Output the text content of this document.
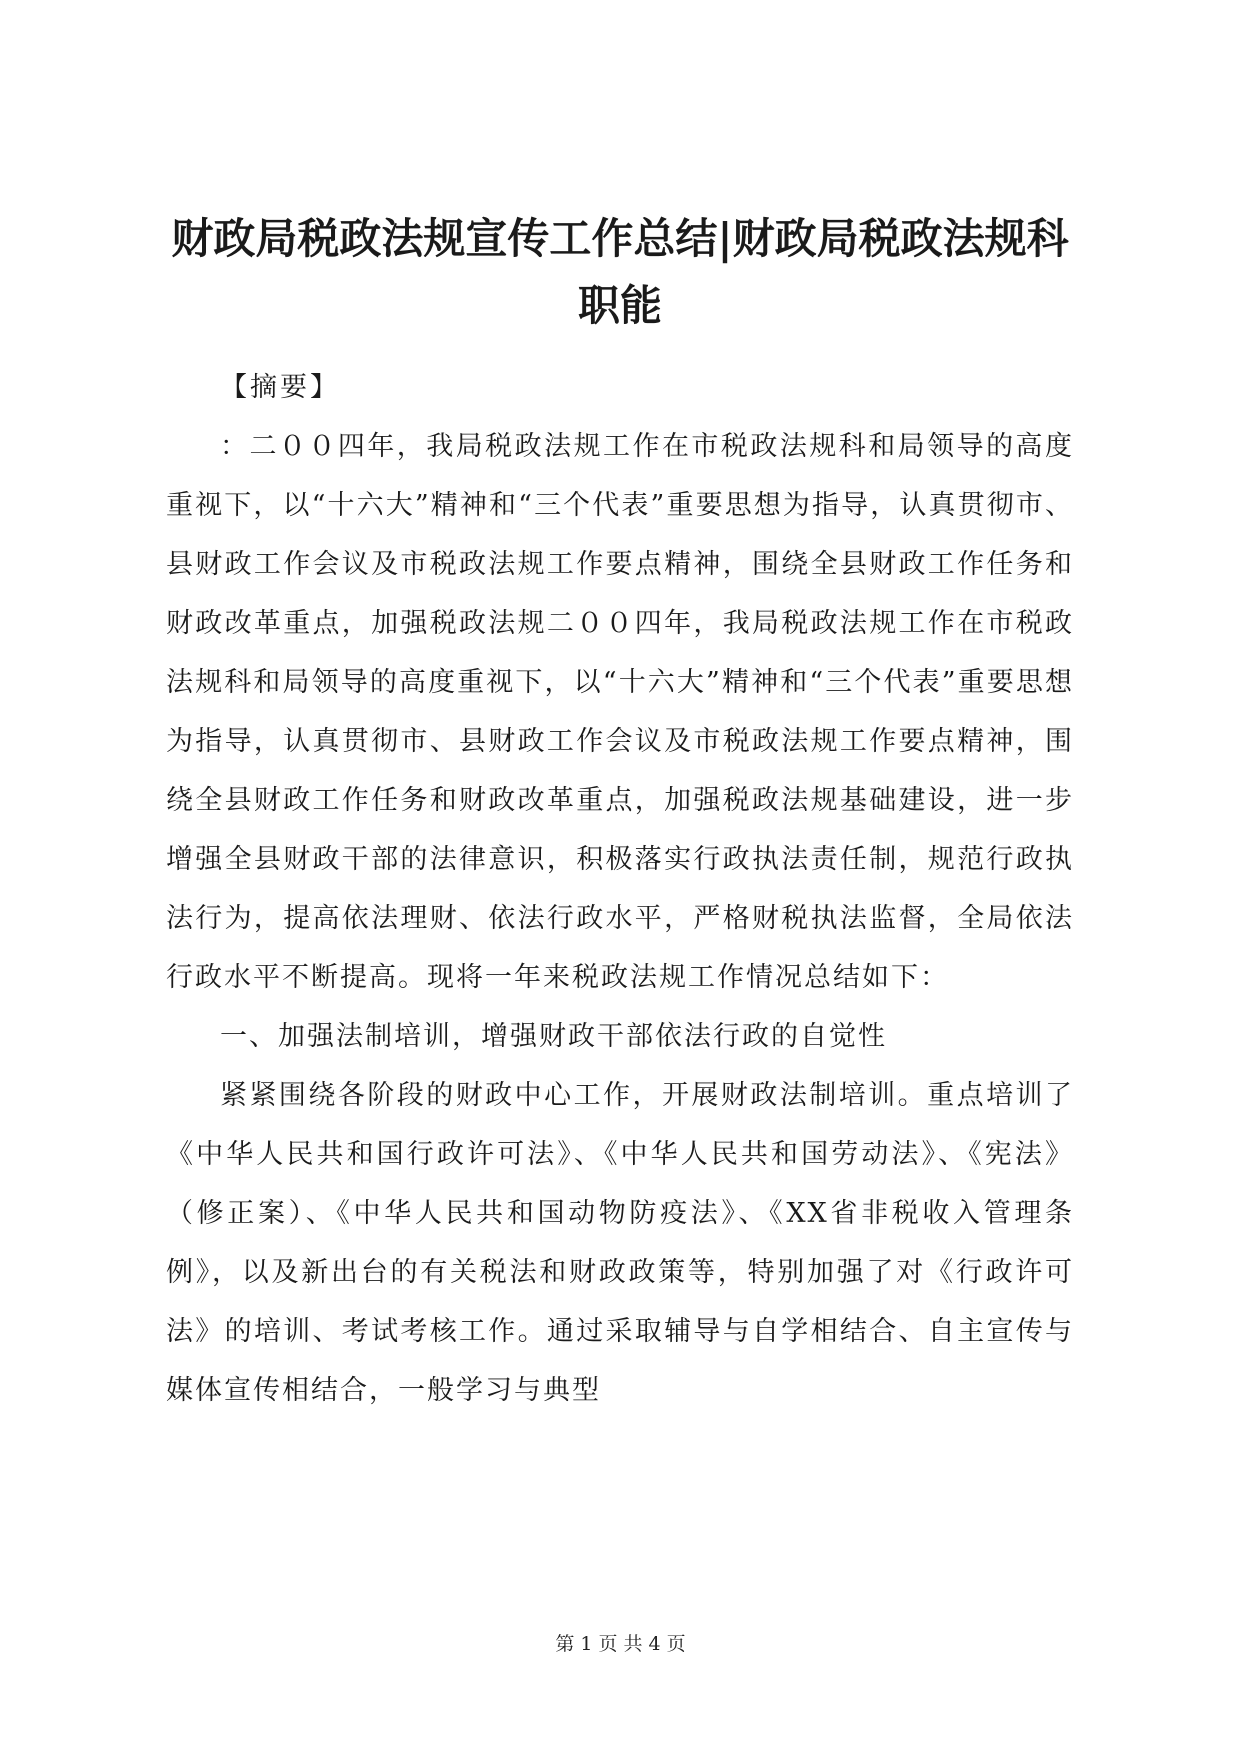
财政局税政法规宣传工作总结|财政局税政法规科职能

【摘要】

：二００四年，我局税政法规工作在市税政法规科和局领导的高度重视下，以“十六大”精神和“三个代表”重要思想为指导，认真贯彻市、县财政工作会议及市税政法规工作要点精神，围绕全县财政工作任务和财政改革重点，加强税政法规二００四年，我局税政法规工作在市税政法规科和局领导的高度重视下，以“十六大”精神和“三个代表”重要思想为指导，认真贯彻市、县财政工作会议及市税政法规工作要点精神，围绕全县财政工作任务和财政改革重点，加强税政法规基础建设，进一步增强全县财政干部的法律意识，积极落实行政执法责任制，规范行政执法行为，提高依法理财、依法行政水平，严格财税执法监督，全局依法行政水平不断提高。现将一年来税政法规工作情况总结如下：

一、加强法制培训，增强财政干部依法行政的自觉性

紧紧围绕各阶段的财政中心工作，开展财政法制培训。重点培训了《中华人民共和国行政许可法》、《中华人民共和国劳动法》、《宪法》（修正案）、《中华人民共和国动物防疫法》、《XX省非税收入管理条例》，以及新出台的有关税法和财政政策等，特别加强了对《行政许可法》的培训、考试考核工作。通过采取辅导与自学相结合、自主宣传与媒体宣传相结合，一般学习与典型

第 1 页 共 4 页
